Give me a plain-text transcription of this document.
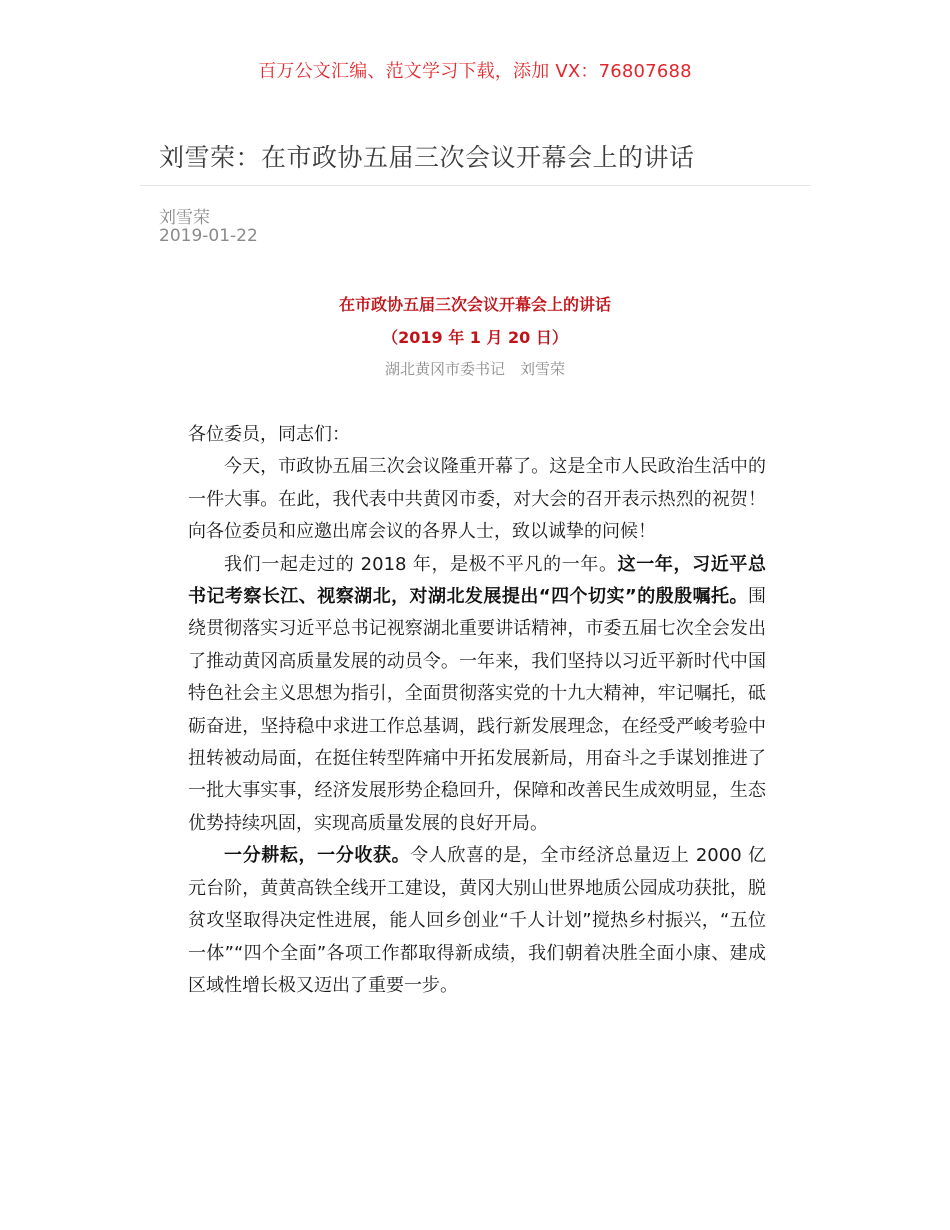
百万公文汇编、范文学习下载，添加 VX：76807688
刘雪荣：在市政协五届三次会议开幕会上的讲话
刘雪荣
2019-01-22
在市政协五届三次会议开幕会上的讲话
（2019 年 1 月 20 日）
湖北黄冈市委书记　刘雪荣

各位委员，同志们：

今天，市政协五届三次会议隆重开幕了。这是全市人民政治生活中的一件大事。在此，我代表中共黄冈市委，对大会的召开表示热烈的祝贺！向各位委员和应邀出席会议的各界人士，致以诚挚的问候！

我们一起走过的 2018 年，是极不平凡的一年。这一年，习近平总书记考察长江、视察湖北，对湖北发展提出“四个切实”的殷殷嘱托。围绕贯彻落实习近平总书记视察湖北重要讲话精神，市委五届七次全会发出了推动黄冈高质量发展的动员令。一年来，我们坚持以习近平新时代中国特色社会主义思想为指引，全面贯彻落实党的十九大精神，牢记嘱托，砥砺奋进，坚持稳中求进工作总基调，践行新发展理念，在经受严峻考验中扭转被动局面，在挺住转型阵痛中开拓发展新局，用奋斗之手谋划推进了一批大事实事，经济发展形势企稳回升，保障和改善民生成效明显，生态优势持续巩固，实现高质量发展的良好开局。

一分耕耘，一分收获。令人欣喜的是，全市经济总量迈上 2000 亿元台阶，黄黄高铁全线开工建设，黄冈大别山世界地质公园成功获批，脱贫攻坚取得决定性进展，能人回乡创业“千人计划”搅热乡村振兴，“五位一体”“四个全面”各项工作都取得新成绩，我们朝着决胜全面小康、建成区域性增长极又迈出了重要一步。
